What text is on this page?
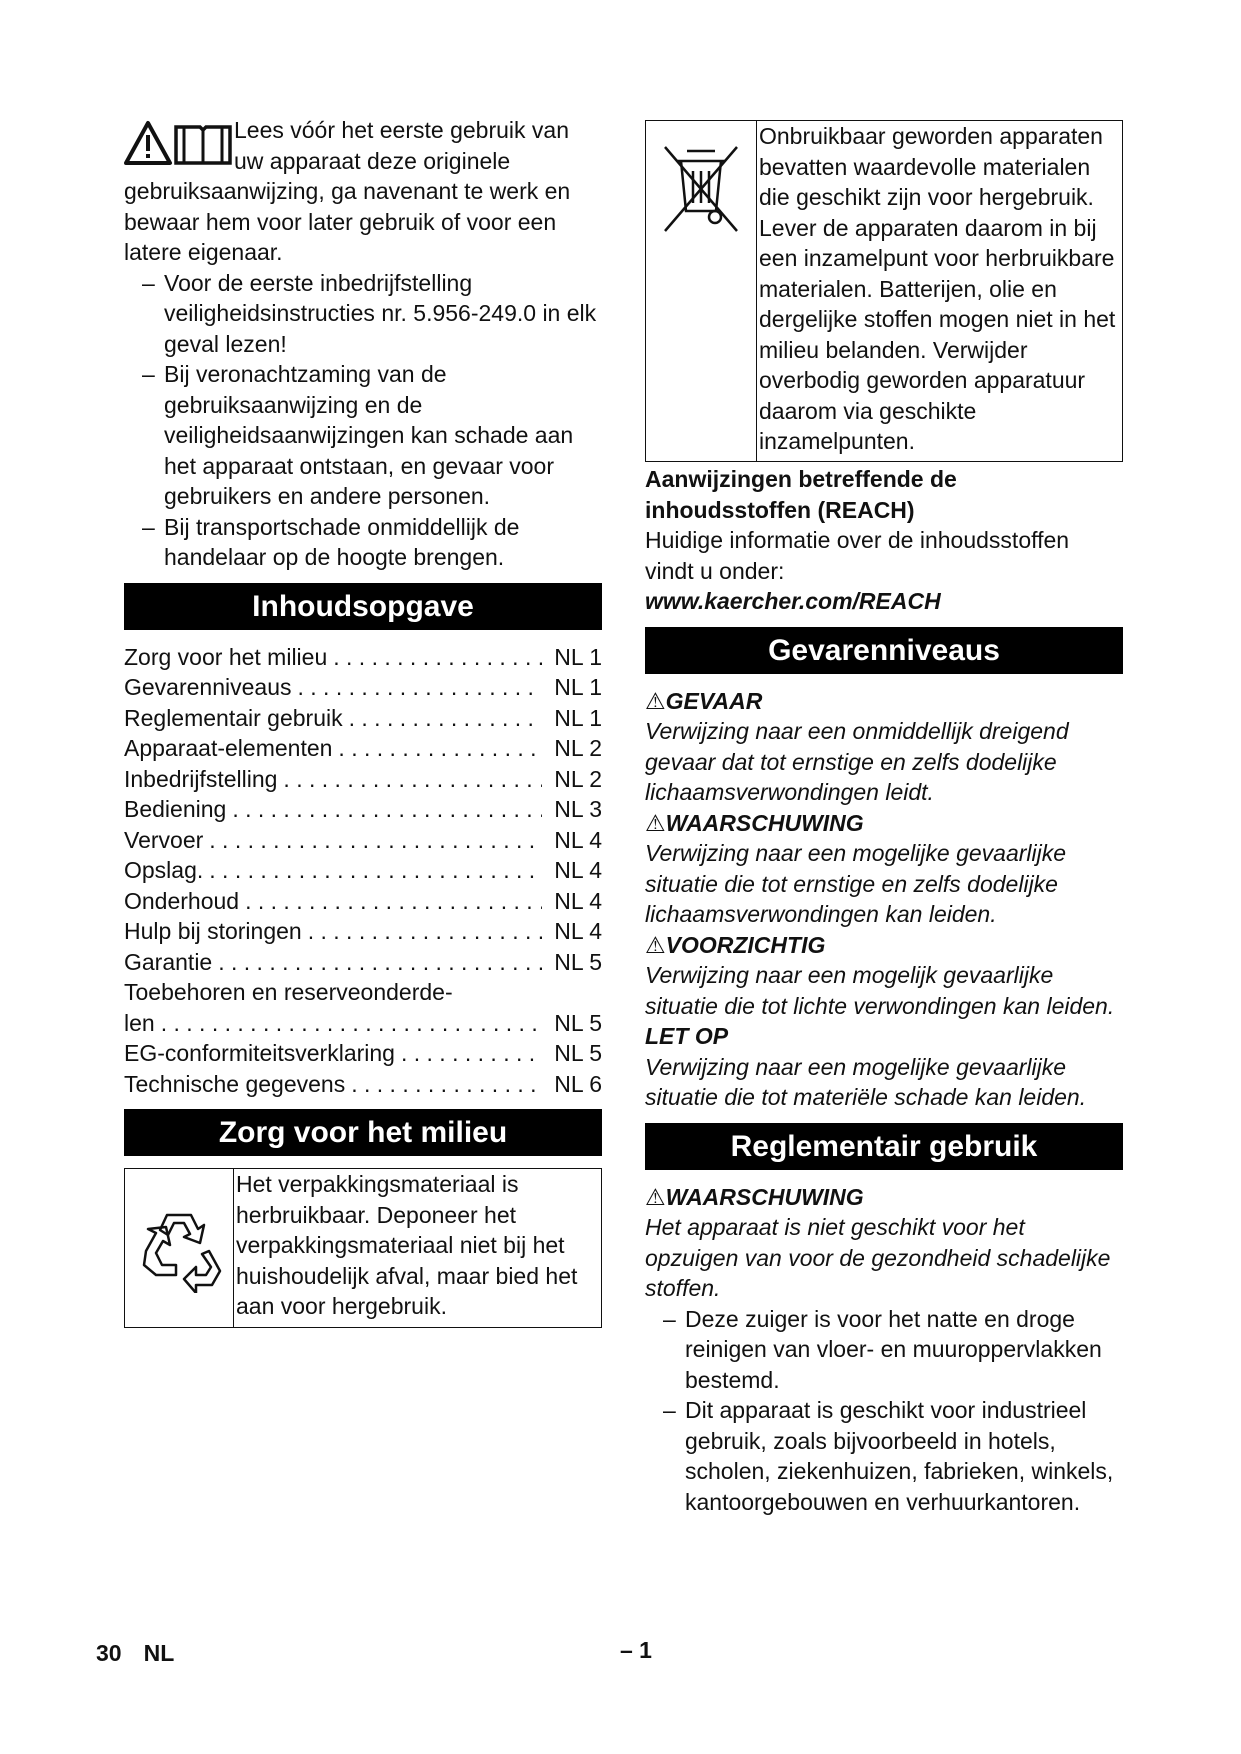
Lees vóór het eerste gebruik van uw apparaat deze originele gebruiksaanwijzing, ga navenant te werk en bewaar hem voor later gebruik of voor een latere eigenaar.

– Voor de eerste inbedrijfstelling veiligheidsinstructies nr. 5.956-249.0 in elk geval lezen!
– Bij veronachtzaming van de gebruiksaanwijzing en de veiligheidsaanwijzingen kan schade aan het apparaat ontstaan, en gevaar voor gebruikers en andere personen.
– Bij transportschade onmiddellijk de handelaar op de hoogte brengen.
Inhoudsopgave
Zorg voor het milieu . . .	NL 1
Gevarenniveaus . . .	NL 1
Reglementair gebruik . . .	NL 1
Apparaat-elementen . . .	NL 2
Inbedrijfstelling . . .	NL 2
Bediening . . .	NL 3
Vervoer . . .	NL 4
Opslag. . . .	NL 4
Onderhoud . . .	NL 4
Hulp bij storingen . . .	NL 4
Garantie . . .	NL 5
Toebehoren en reserveonderde-
len . . .	NL 5
EG-conformiteitsverklaring . . .	NL 5
Technische gegevens . . .	NL 6
Zorg voor het milieu
Het verpakkingsmateriaal is herbruikbaar. Deponeer het verpakkingsmateriaal niet bij het huishoudelijk afval, maar bied het aan voor hergebruik.
Onbruikbaar geworden apparaten bevatten waardevolle materialen die geschikt zijn voor hergebruik. Lever de apparaten daarom in bij een inzamelpunt voor herbruikbare materialen. Batterijen, olie en dergelijke stoffen mogen niet in het milieu belanden. Verwijder overbodig geworden apparatuur daarom via geschikte inzamelpunten.

Aanwijzingen betreffende de inhoudsstoffen (REACH)

Huidige informatie over de inhoudsstoffen vindt u onder:

www.kaercher.com/REACH

Gevarenniveaus
⚠GEVAAR
Verwijzing naar een onmiddellijk dreigend gevaar dat tot ernstige en zelfs dodelijke lichaamsverwondingen leidt.
⚠WAARSCHUWING
Verwijzing naar een mogelijke gevaarlijke situatie die tot ernstige en zelfs dodelijke lichaamsverwondingen kan leiden.
⚠VOORZICHTIG
Verwijzing naar een mogelijk gevaarlijke situatie die tot lichte verwondingen kan leiden.
LET OP
Verwijzing naar een mogelijke gevaarlijke situatie die tot materiële schade kan leiden.
Reglementair gebruik
⚠WAARSCHUWING
Het apparaat is niet geschikt voor het opzuigen van voor de gezondheid schadelijke stoffen.
– Deze zuiger is voor het natte en droge reinigen van vloer- en muuroppervlakken bestemd.
– Dit apparaat is geschikt voor industrieel gebruik, zoals bijvoorbeeld in hotels, scholen, ziekenhuizen, fabrieken, winkels, kantoorgebouwen en verhuurkantoren.
30 NL	– 1
